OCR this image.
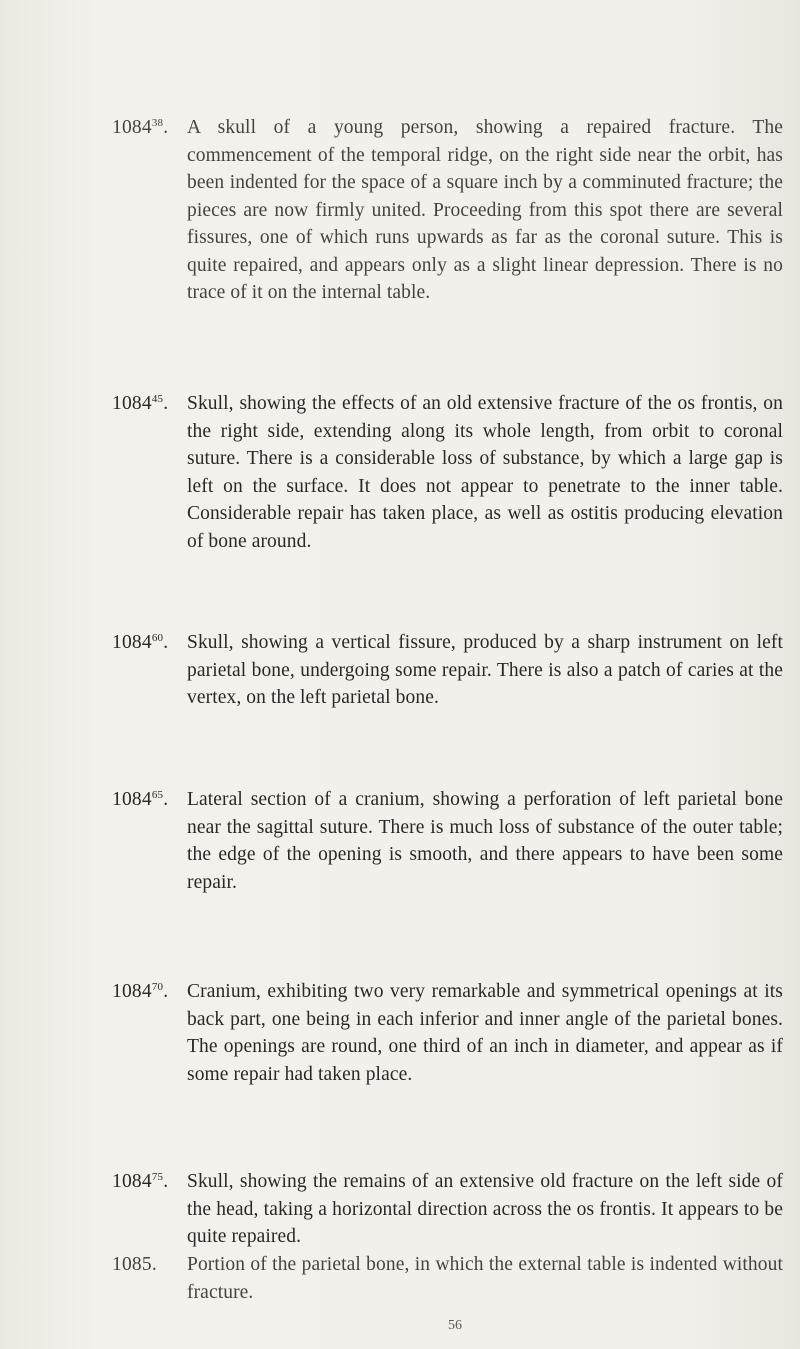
1084$^{38}$. A skull of a young person, showing a repaired fracture. The commencement of the temporal ridge, on the right side near the orbit, has been indented for the space of a square inch by a comminuted fracture; the pieces are now firmly united. Proceeding from this spot there are several fissures, one of which runs upwards as far as the coronal suture. This is quite repaired, and appears only as a slight linear depression. There is no trace of it on the internal table.
1084$^{45}$. Skull, showing the effects of an old extensive fracture of the os frontis, on the right side, extending along its whole length, from orbit to coronal suture. There is a considerable loss of substance, by which a large gap is left on the surface. It does not appear to penetrate to the inner table. Considerable repair has taken place, as well as ostitis producing elevation of bone around.
1084$^{60}$. Skull, showing a vertical fissure, produced by a sharp instrument on left parietal bone, undergoing some repair. There is also a patch of caries at the vertex, on the left parietal bone.
1084$^{65}$. Lateral section of a cranium, showing a perforation of left parietal bone near the sagittal suture. There is much loss of substance of the outer table; the edge of the opening is smooth, and there appears to have been some repair.
1084$^{70}$. Cranium, exhibiting two very remarkable and symmetrical openings at its back part, one being in each inferior and inner angle of the parietal bones. The openings are round, one third of an inch in diameter, and appear as if some repair had taken place.
1084$^{75}$. Skull, showing the remains of an extensive old fracture on the left side of the head, taking a horizontal direction across the os frontis. It appears to be quite repaired.
1085. Portion of the parietal bone, in which the external table is indented without fracture.
56
